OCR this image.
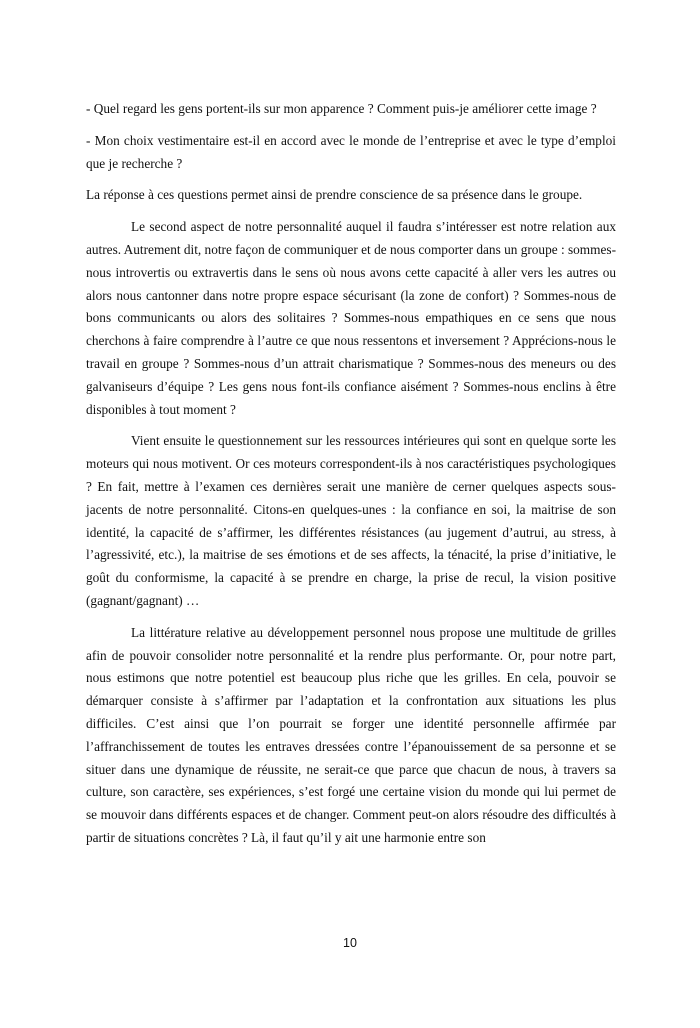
- Quel regard les gens portent-ils sur mon apparence ? Comment puis-je améliorer cette image ?

- Mon choix vestimentaire est-il en accord avec le monde de l’entreprise et avec le type d’emploi que je recherche ?

La réponse à ces questions permet ainsi de prendre conscience de sa présence dans le groupe.

Le second aspect de notre personnalité auquel il faudra s’intéresser est notre relation aux autres. Autrement dit, notre façon de communiquer et de nous comporter dans un groupe : sommes-nous introvertis ou extravertis dans le sens où nous avons cette capacité à aller vers les autres ou alors nous cantonner dans notre propre espace sécurisant (la zone de confort) ? Sommes-nous de bons communicants ou alors des solitaires ? Sommes-nous empathiques en ce sens que nous cherchons à faire comprendre à l’autre ce que nous ressentons et inversement ? Apprécions-nous le travail en groupe ? Sommes-nous d’un attrait charismatique ? Sommes-nous des meneurs ou des galvaniseurs d’équipe ? Les gens nous font-ils confiance aisément ? Sommes-nous enclins à être disponibles à tout moment ?

Vient ensuite le questionnement sur les ressources intérieures qui sont en quelque sorte les moteurs qui nous motivent. Or ces moteurs correspondent-ils à nos caractéristiques psychologiques ? En fait, mettre à l’examen ces dernières serait une manière de cerner quelques aspects sous-jacents de notre personnalité. Citons-en quelques-unes : la confiance en soi, la maitrise de son identité, la capacité de s’affirmer, les différentes résistances (au jugement d’autrui, au stress, à l’agressivité, etc.), la maitrise de ses émotions et de ses affects, la ténacité, la prise d’initiative, le goût du conformisme, la capacité à se prendre en charge, la prise de recul, la vision positive (gagnant/gagnant) …

La littérature relative au développement personnel nous propose une multitude de grilles afin de pouvoir consolider notre personnalité et la rendre plus performante. Or, pour notre part, nous estimons que notre potentiel est beaucoup plus riche que les grilles. En cela, pouvoir se démarquer consiste à s’affirmer par l’adaptation et la confrontation aux situations les plus difficiles. C’est ainsi que l’on pourrait se forger une identité personnelle affirmée par l’affranchissement de toutes les entraves dressées contre l’épanouissement de sa personne et se situer dans une dynamique de réussite, ne serait-ce que parce que chacun de nous, à travers sa culture, son caractère, ses expériences, s’est forgé une certaine vision du monde qui lui permet de se mouvoir dans différents espaces et de changer. Comment peut-on alors résoudre des difficultés à partir de situations concrètes ? Là, il faut qu’il y ait une harmonie entre son

10
